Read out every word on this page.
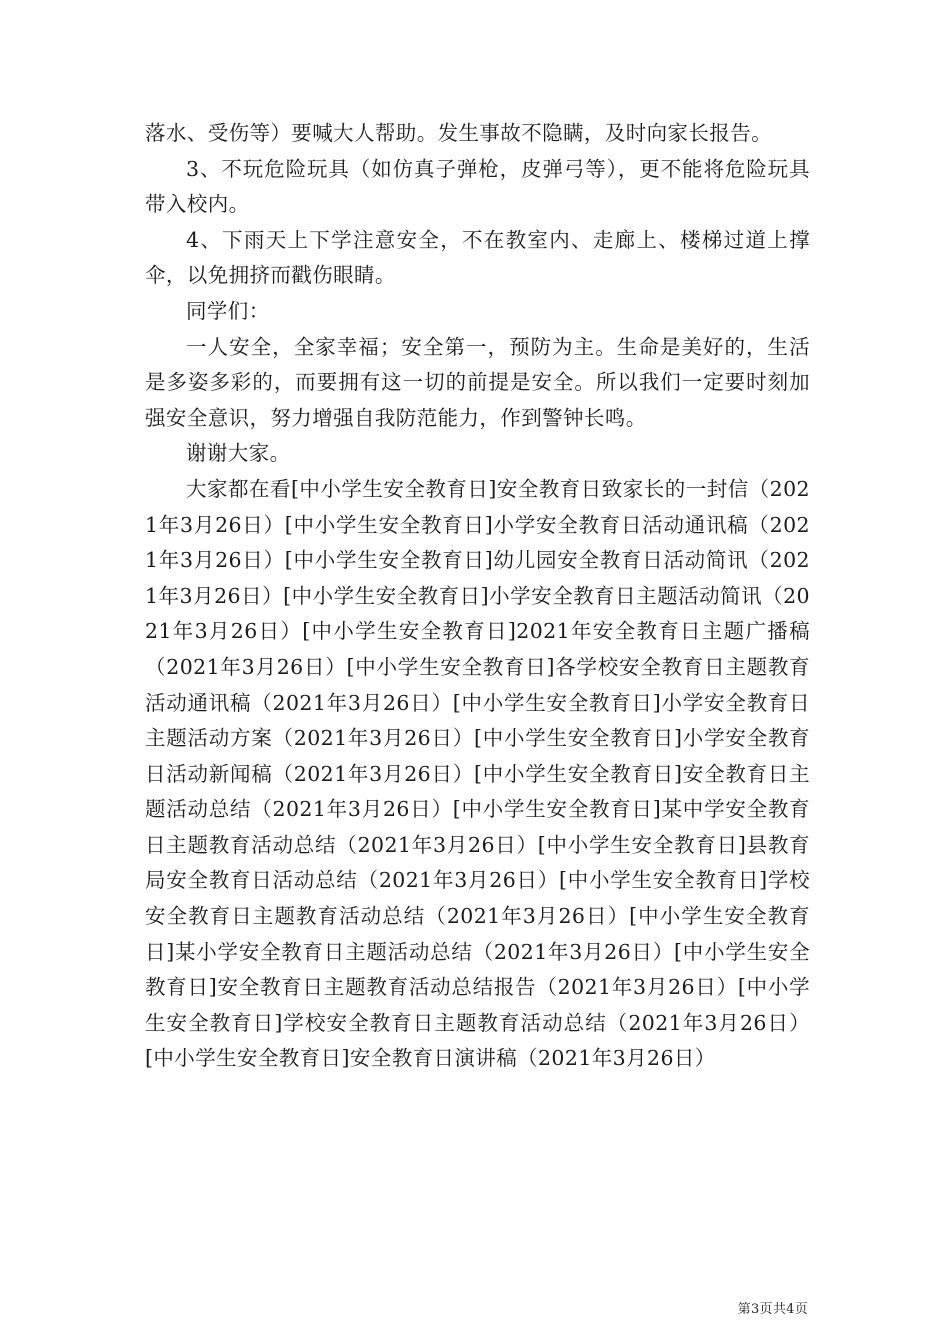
落水、受伤等）要喊大人帮助。发生事故不隐瞒，及时向家长报告。

3、不玩危险玩具（如仿真子弹枪，皮弹弓等），更不能将危险玩具带入校内。

4、下雨天上下学注意安全，不在教室内、走廊上、楼梯过道上撑伞，以免拥挤而戳伤眼睛。

同学们：

一人安全，全家幸福；安全第一，预防为主。生命是美好的，生活是多姿多彩的，而要拥有这一切的前提是安全。所以我们一定要时刻加强安全意识，努力增强自我防范能力，作到警钟长鸣。

谢谢大家。

大家都在看[中小学生安全教育日]安全教育日致家长的一封信（2021年3月26日）[中小学生安全教育日]小学安全教育日活动通讯稿（2021年3月26日）[中小学生安全教育日]幼儿园安全教育日活动简讯（2021年3月26日）[中小学生安全教育日]小学安全教育日主题活动简讯（2021年3月26日）[中小学生安全教育日]2021年安全教育日主题广播稿（2021年3月26日）[中小学生安全教育日]各学校安全教育日主题教育活动通讯稿（2021年3月26日）[中小学生安全教育日]小学安全教育日主题活动方案（2021年3月26日）[中小学生安全教育日]小学安全教育日活动新闻稿（2021年3月26日）[中小学生安全教育日]安全教育日主题活动总结（2021年3月26日）[中小学生安全教育日]某中学安全教育日主题教育活动总结（2021年3月26日）[中小学生安全教育日]县教育局安全教育日活动总结（2021年3月26日）[中小学生安全教育日]学校安全教育日主题教育活动总结（2021年3月26日）[中小学生安全教育日]某小学安全教育日主题活动总结（2021年3月26日）[中小学生安全教育日]安全教育日主题教育活动总结报告（2021年3月26日）[中小学生安全教育日]学校安全教育日主题教育活动总结（2021年3月26日）[中小学生安全教育日]安全教育日演讲稿（2021年3月26日）

第3页共4页
